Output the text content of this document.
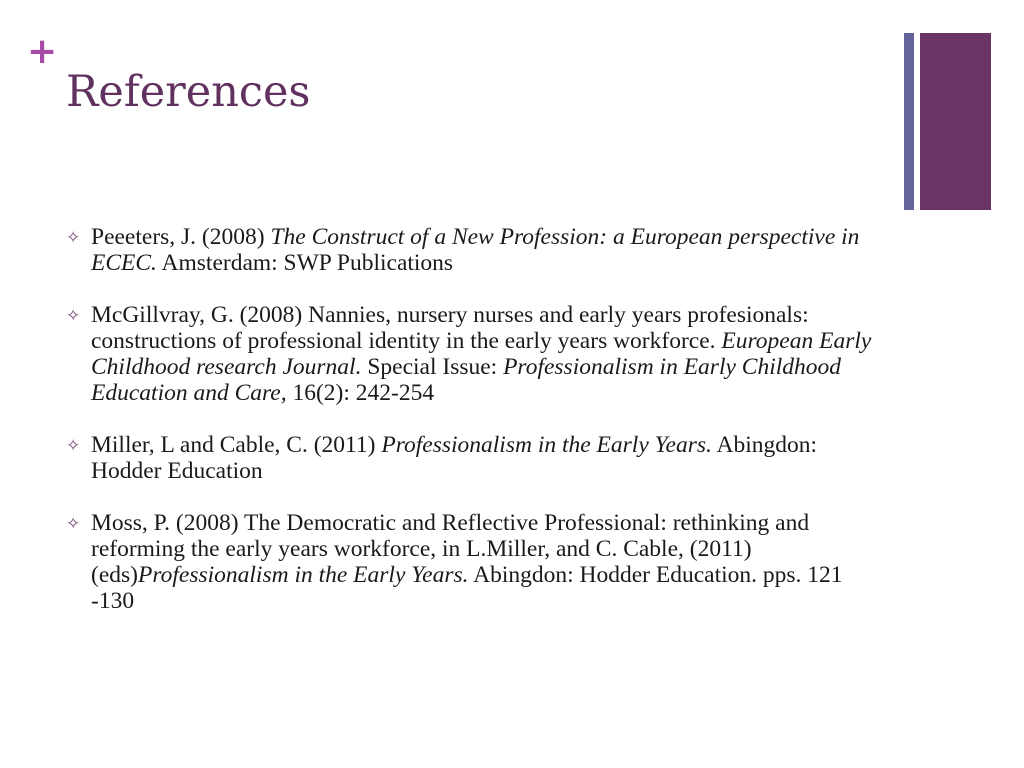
+
References
✧ Peeeters, J. (2008) The Construct of a New Profession: a European perspective in ECEC. Amsterdam: SWP Publications
✧ McGillvray, G. (2008) Nannies, nursery nurses and early years profesionals: constructions of professional identity in the early years workforce. European Early Childhood research Journal. Special Issue: Professionalism in Early Childhood Education and Care, 16(2): 242-254
✧ Miller, L and Cable, C. (2011) Professionalism in the Early Years. Abingdon: Hodder Education
✧ Moss, P. (2008) The Democratic and Reflective Professional: rethinking and reforming the early years workforce, in L.Miller, and C. Cable, (2011)(eds)Professionalism in the Early Years. Abingdon: Hodder Education. pps. 121 -130
